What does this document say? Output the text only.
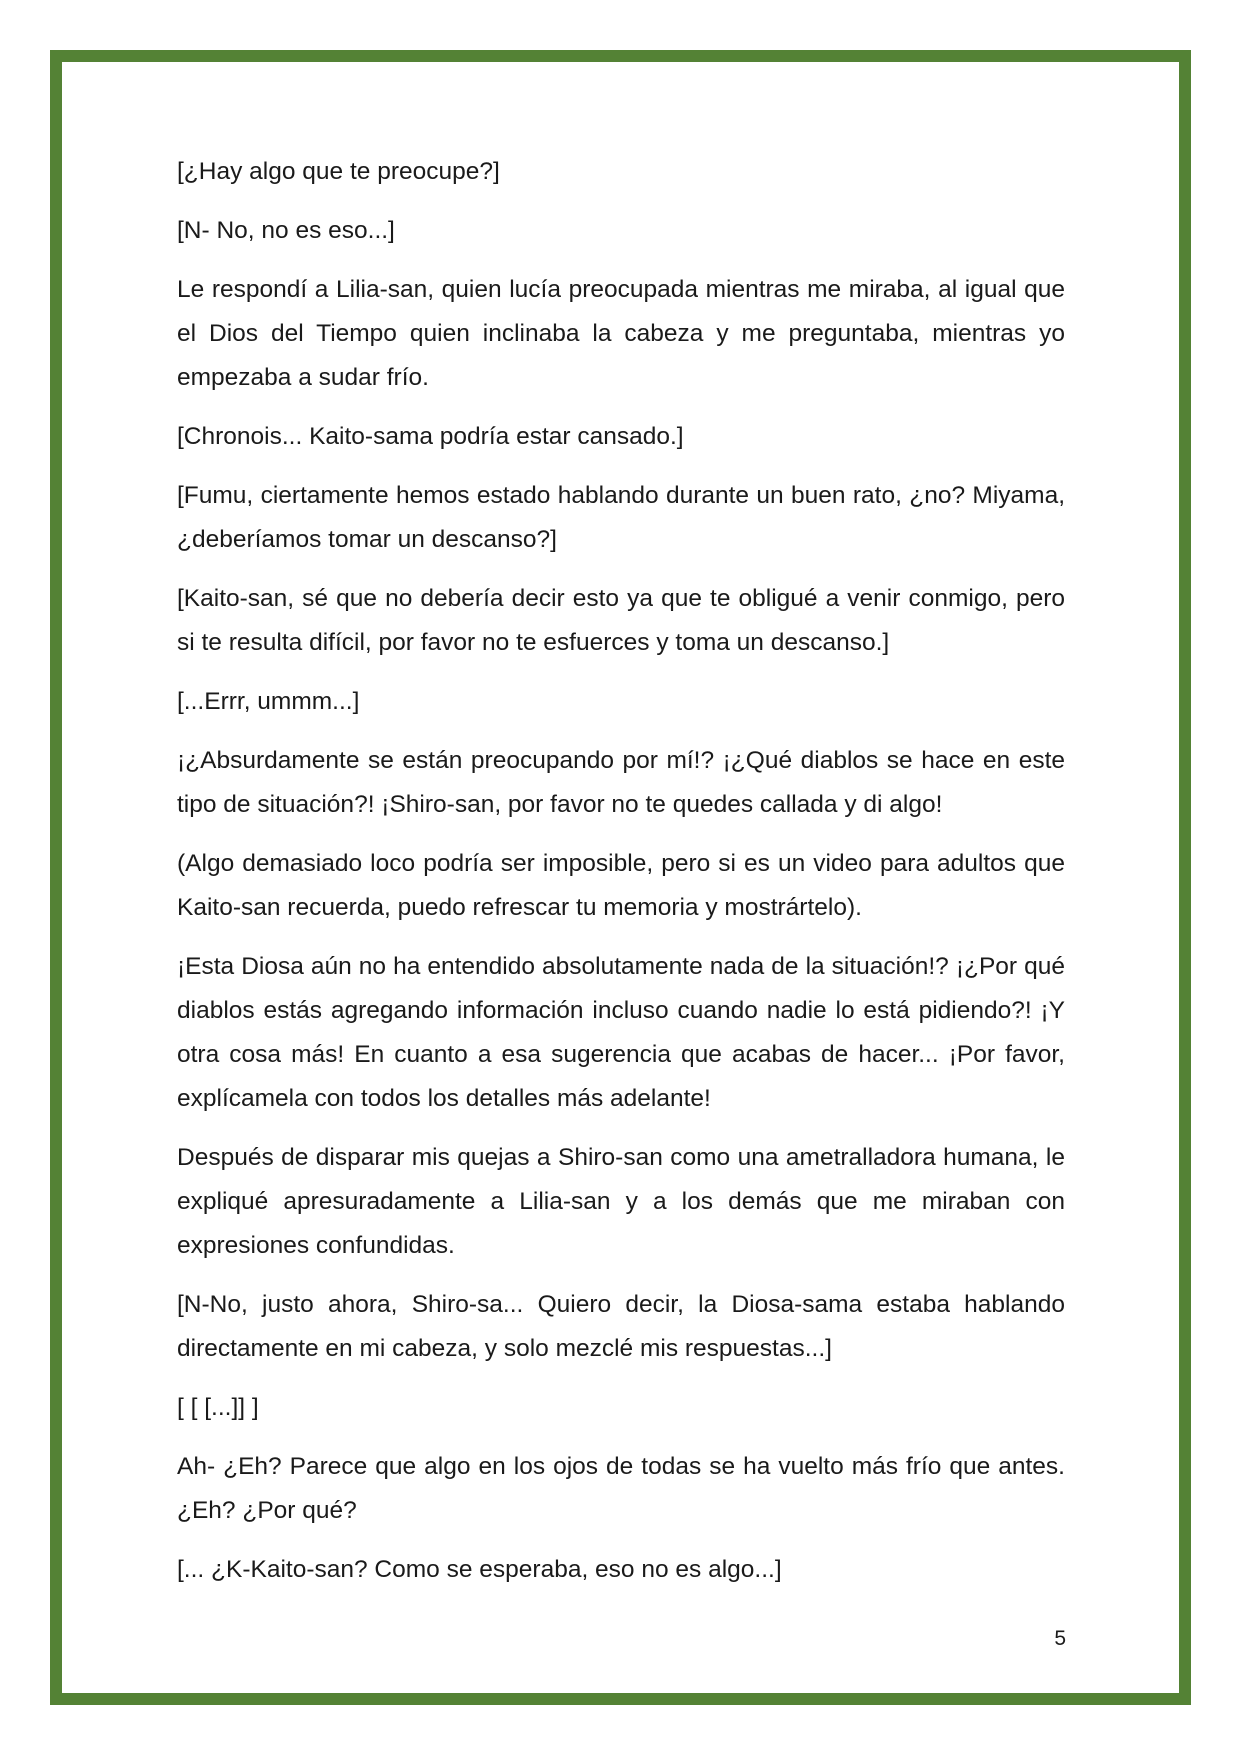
[¿Hay algo que te preocupe?]

[N- No, no es eso...]

Le respondí a Lilia-san, quien lucía preocupada mientras me miraba, al igual que el Dios del Tiempo quien inclinaba la cabeza y me preguntaba, mientras yo empezaba a sudar frío.

[Chronois... Kaito-sama podría estar cansado.]

[Fumu, ciertamente hemos estado hablando durante un buen rato, ¿no? Miyama, ¿deberíamos tomar un descanso?]

[Kaito-san, sé que no debería decir esto ya que te obligué a venir conmigo, pero si te resulta difícil, por favor no te esfuerces y toma un descanso.]

[...Errr, ummm...]

¡¿Absurdamente se están preocupando por mí!? ¡¿Qué diablos se hace en este tipo de situación?! ¡Shiro-san, por favor no te quedes callada y di algo!

(Algo demasiado loco podría ser imposible, pero si es un video para adultos que Kaito-san recuerda, puedo refrescar tu memoria y mostrártelo).

¡Esta Diosa aún no ha entendido absolutamente nada de la situación!? ¡¿Por qué diablos estás agregando información incluso cuando nadie lo está pidiendo?! ¡Y otra cosa más! En cuanto a esa sugerencia que acabas de hacer... ¡Por favor, explícamela con todos los detalles más adelante!

Después de disparar mis quejas a Shiro-san como una ametralladora humana, le expliqué apresuradamente a Lilia-san y a los demás que me miraban con expresiones confundidas.

[N-No, justo ahora, Shiro-sa... Quiero decir, la Diosa-sama estaba hablando directamente en mi cabeza, y solo mezclé mis respuestas...]

[ [ [...]] ]

Ah- ¿Eh? Parece que algo en los ojos de todas se ha vuelto más frío que antes. ¿Eh? ¿Por qué?

[... ¿K-Kaito-san? Como se esperaba, eso no es algo...]

5
